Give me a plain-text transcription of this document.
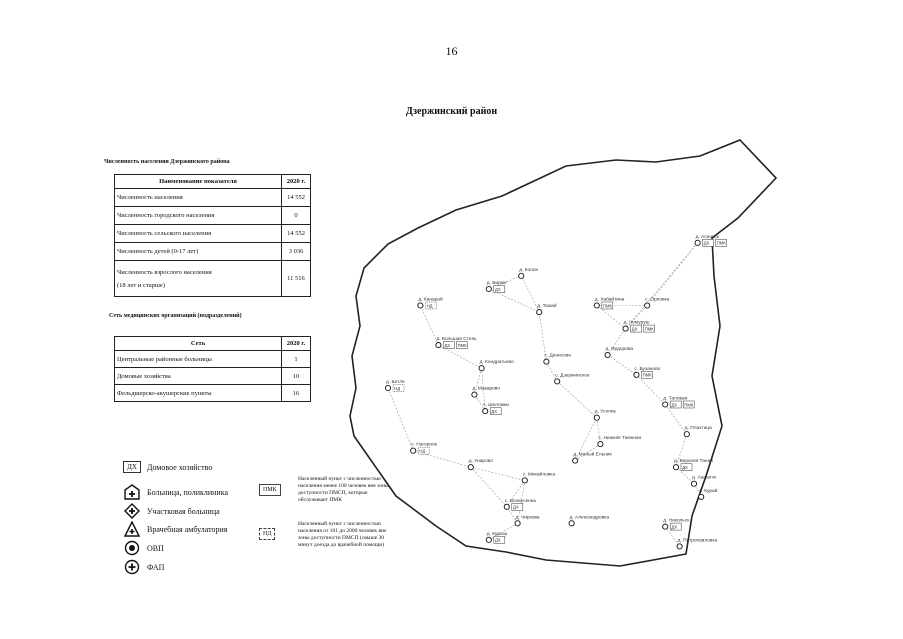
16
Дзержинский район
Численность населения Дзержинского района
Наименование показателя	2020 г.
Численность населения	14 552
Численность городского населения	0
Численность сельского населения	14 552
Численность детей (0-17 лет)	3 036

Численность взрослого населения
(18 лет и старше)	11 516
Сеть медицинских организаций (подразделений)
Сеть	2020 г.
Центральные районные больницы	1
Домовые хозяйства	10
Фельдшерско-акушерские пункты	16
ДХ	Домовое хозяйство
Больница, поликлиника
Участковая больница
Врачебная амбулатория
ОВП
ФАП
ПМК
Населенный пункт с численностью
населения менее 100 человек вне зоны
доступности ПМСП, которые
обслуживает ПМК
НД
Населенный пункт с численностью
населения от 101 до 2000 человек вне
зоны доступности ПМСП (свыше 30
минут доезда до врачебной помощи)
д. Асеньск
ДХ ПМК
д. Колон
д. Бирюх
ДХ
д. Канарай
НД	д. Тюкай
д. Хабайтина
ПМК
с. Орловка
д. Чемуруш
ДХ ПМК
д. Большая Степь
ДХ ПМК
д. Кондратьево
с. Денисово
с. Дзержинское
д. Ярдорова
с. Бузаново
ПМК
д. Бетля
НД	д. Макарово
с. Шеломки
ДХ	д. Усолка
д. Таловая
ДХ ПМК
д. Плахтица
с. Нижняя Таежная
д. Малый Ельник
д. Верхняя Танай
ДХ
с. Нагорное
НД
д. Унарово
с. Михайловка
д. Ашпатск
с. Курай
с. Вознесенка
ДХ
д. Чиркова	д. Александровка
д. Никольск
ДХ
д. Курыш
ДХ	д. Петропавловка
